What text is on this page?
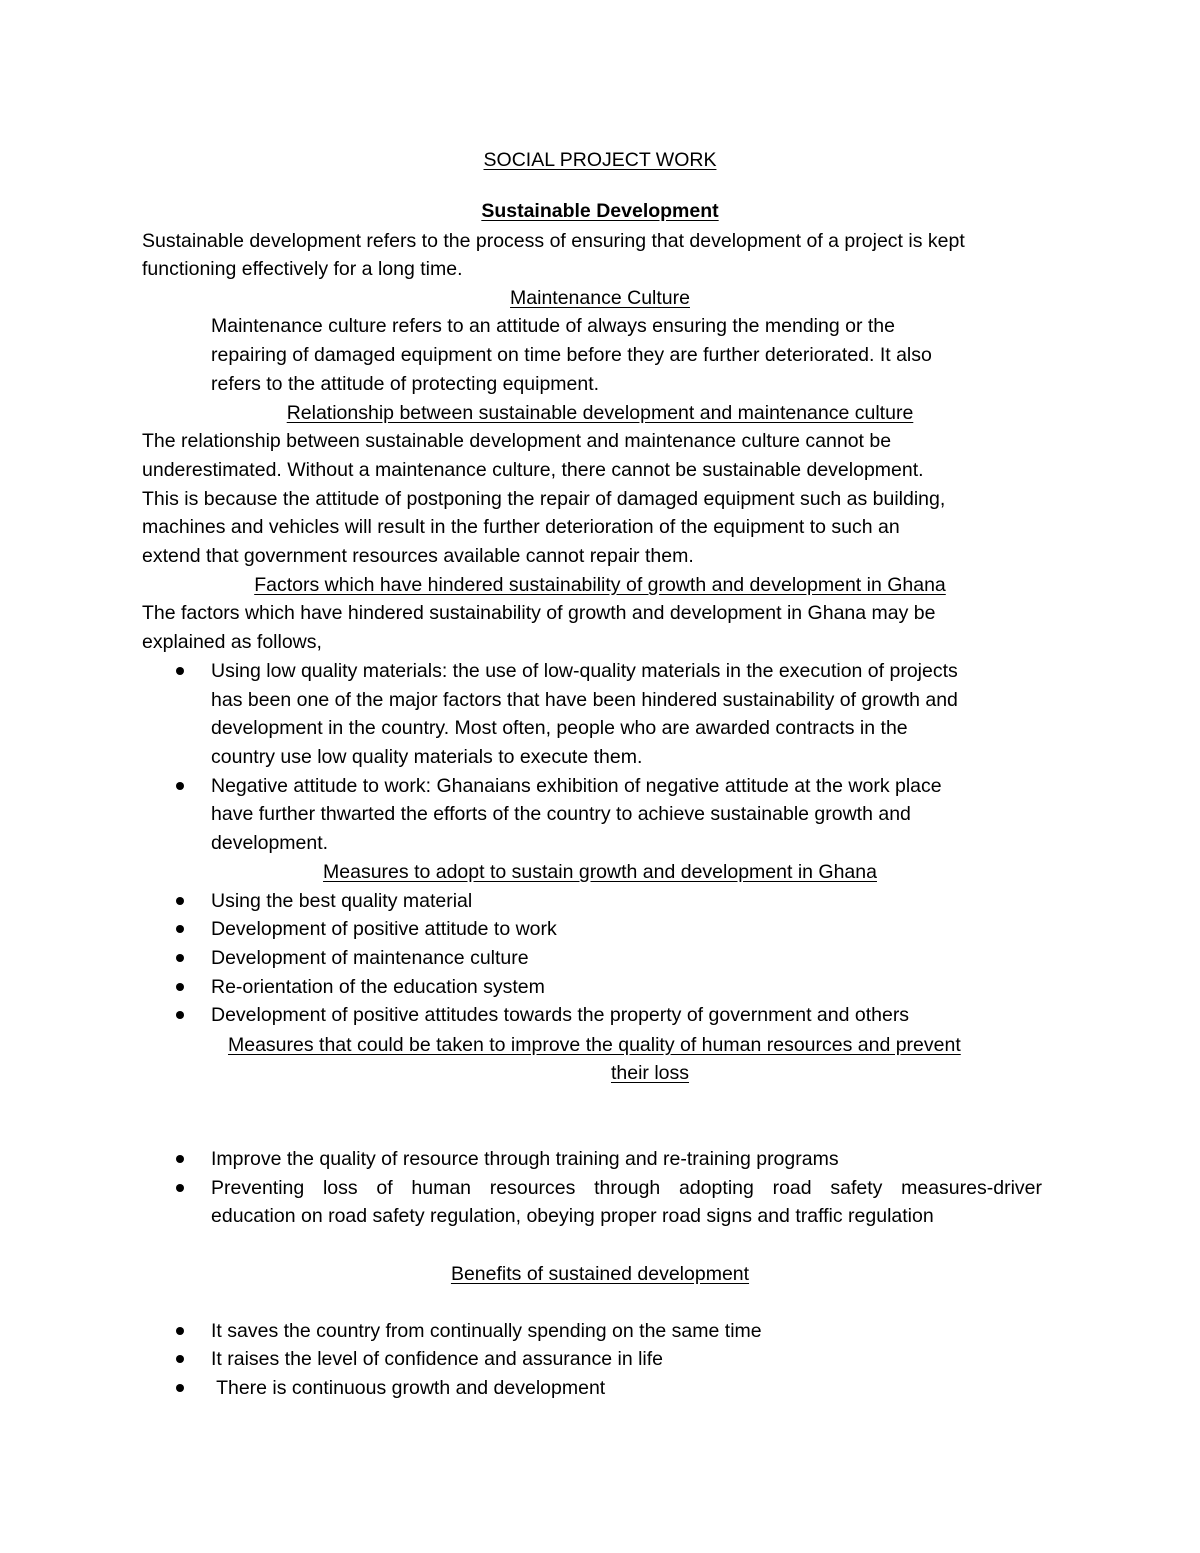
SOCIAL PROJECT WORK
Sustainable Development
Sustainable development refers to the process of ensuring that development of a project is kept
functioning effectively for a long time.
Maintenance Culture
Maintenance culture refers to an attitude of always ensuring the mending or the
repairing of damaged equipment on time before they are further deteriorated. It also
refers to the attitude of protecting equipment.
Relationship between sustainable development and maintenance culture
The relationship between sustainable development and maintenance culture cannot be
underestimated. Without a maintenance culture, there cannot be sustainable development.
This is because the attitude of postponing the repair of damaged equipment such as building,
machines and vehicles will result in the further deterioration of the equipment to such an
extend that government resources available cannot repair them.
Factors which have hindered sustainability of growth and development in Ghana
The factors which have hindered sustainability of growth and development in Ghana may be
explained as follows,
Using low quality materials: the use of low-quality materials in the execution of projects
has been one of the major factors that have been hindered sustainability of growth and
development in the country. Most often, people who are awarded contracts in the
country use low quality materials to execute them.
Negative attitude to work: Ghanaians exhibition of negative attitude at the work place
have further thwarted the efforts of the country to achieve sustainable growth and
development.
Measures to adopt to sustain growth and development in Ghana
Using the best quality material
Development of positive attitude to work
Development of maintenance culture
Re-orientation of the education system
Development of positive attitudes towards the property of government and others
Measures that could be taken to improve the quality of human resources and prevent
their loss
Improve the quality of resource through training and re-training programs
Preventing loss of human resources through adopting road safety measures-driver
education on road safety regulation, obeying proper road signs and traffic regulation
Benefits of sustained development
It saves the country from continually spending on the same time
It raises the level of confidence and assurance in life
There is continuous growth and development
